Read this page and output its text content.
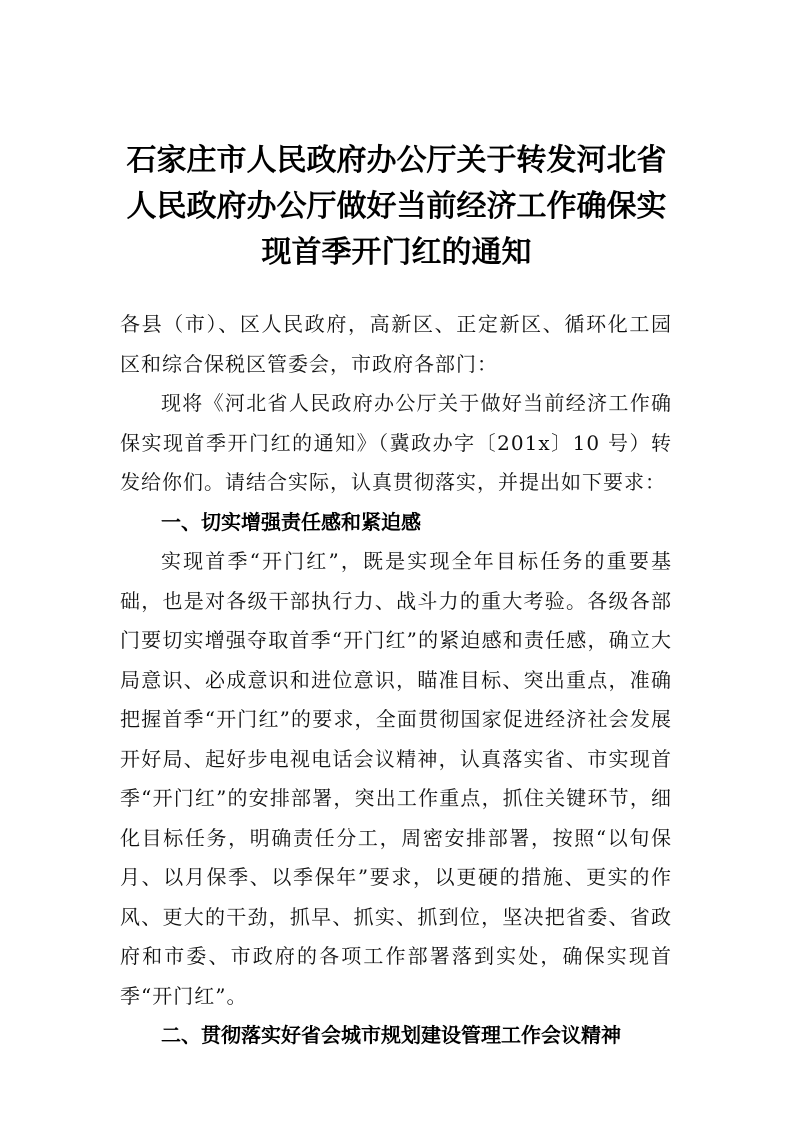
石家庄市人民政府办公厅关于转发河北省
人民政府办公厅做好当前经济工作确保实
现首季开门红的通知

各县（市）、区人民政府，高新区、正定新区、循环化工园区和综合保税区管委会，市政府各部门：

现将《河北省人民政府办公厅关于做好当前经济工作确保实现首季开门红的通知》（冀政办字〔201x〕10 号）转发给你们。请结合实际，认真贯彻落实，并提出如下要求：

一、切实增强责任感和紧迫感

实现首季“开门红”，既是实现全年目标任务的重要基础，也是对各级干部执行力、战斗力的重大考验。各级各部门要切实增强夺取首季“开门红”的紧迫感和责任感，确立大局意识、必成意识和进位意识，瞄准目标、突出重点，准确把握首季“开门红”的要求，全面贯彻国家促进经济社会发展开好局、起好步电视电话会议精神，认真落实省、市实现首季“开门红”的安排部署，突出工作重点，抓住关键环节，细化目标任务，明确责任分工，周密安排部署，按照“以旬保月、以月保季、以季保年”要求，以更硬的措施、更实的作风、更大的干劲，抓早、抓实、抓到位，坚决把省委、省政府和市委、市政府的各项工作部署落到实处，确保实现首季“开门红”。

二、贯彻落实好省会城市规划建设管理工作会议精神
